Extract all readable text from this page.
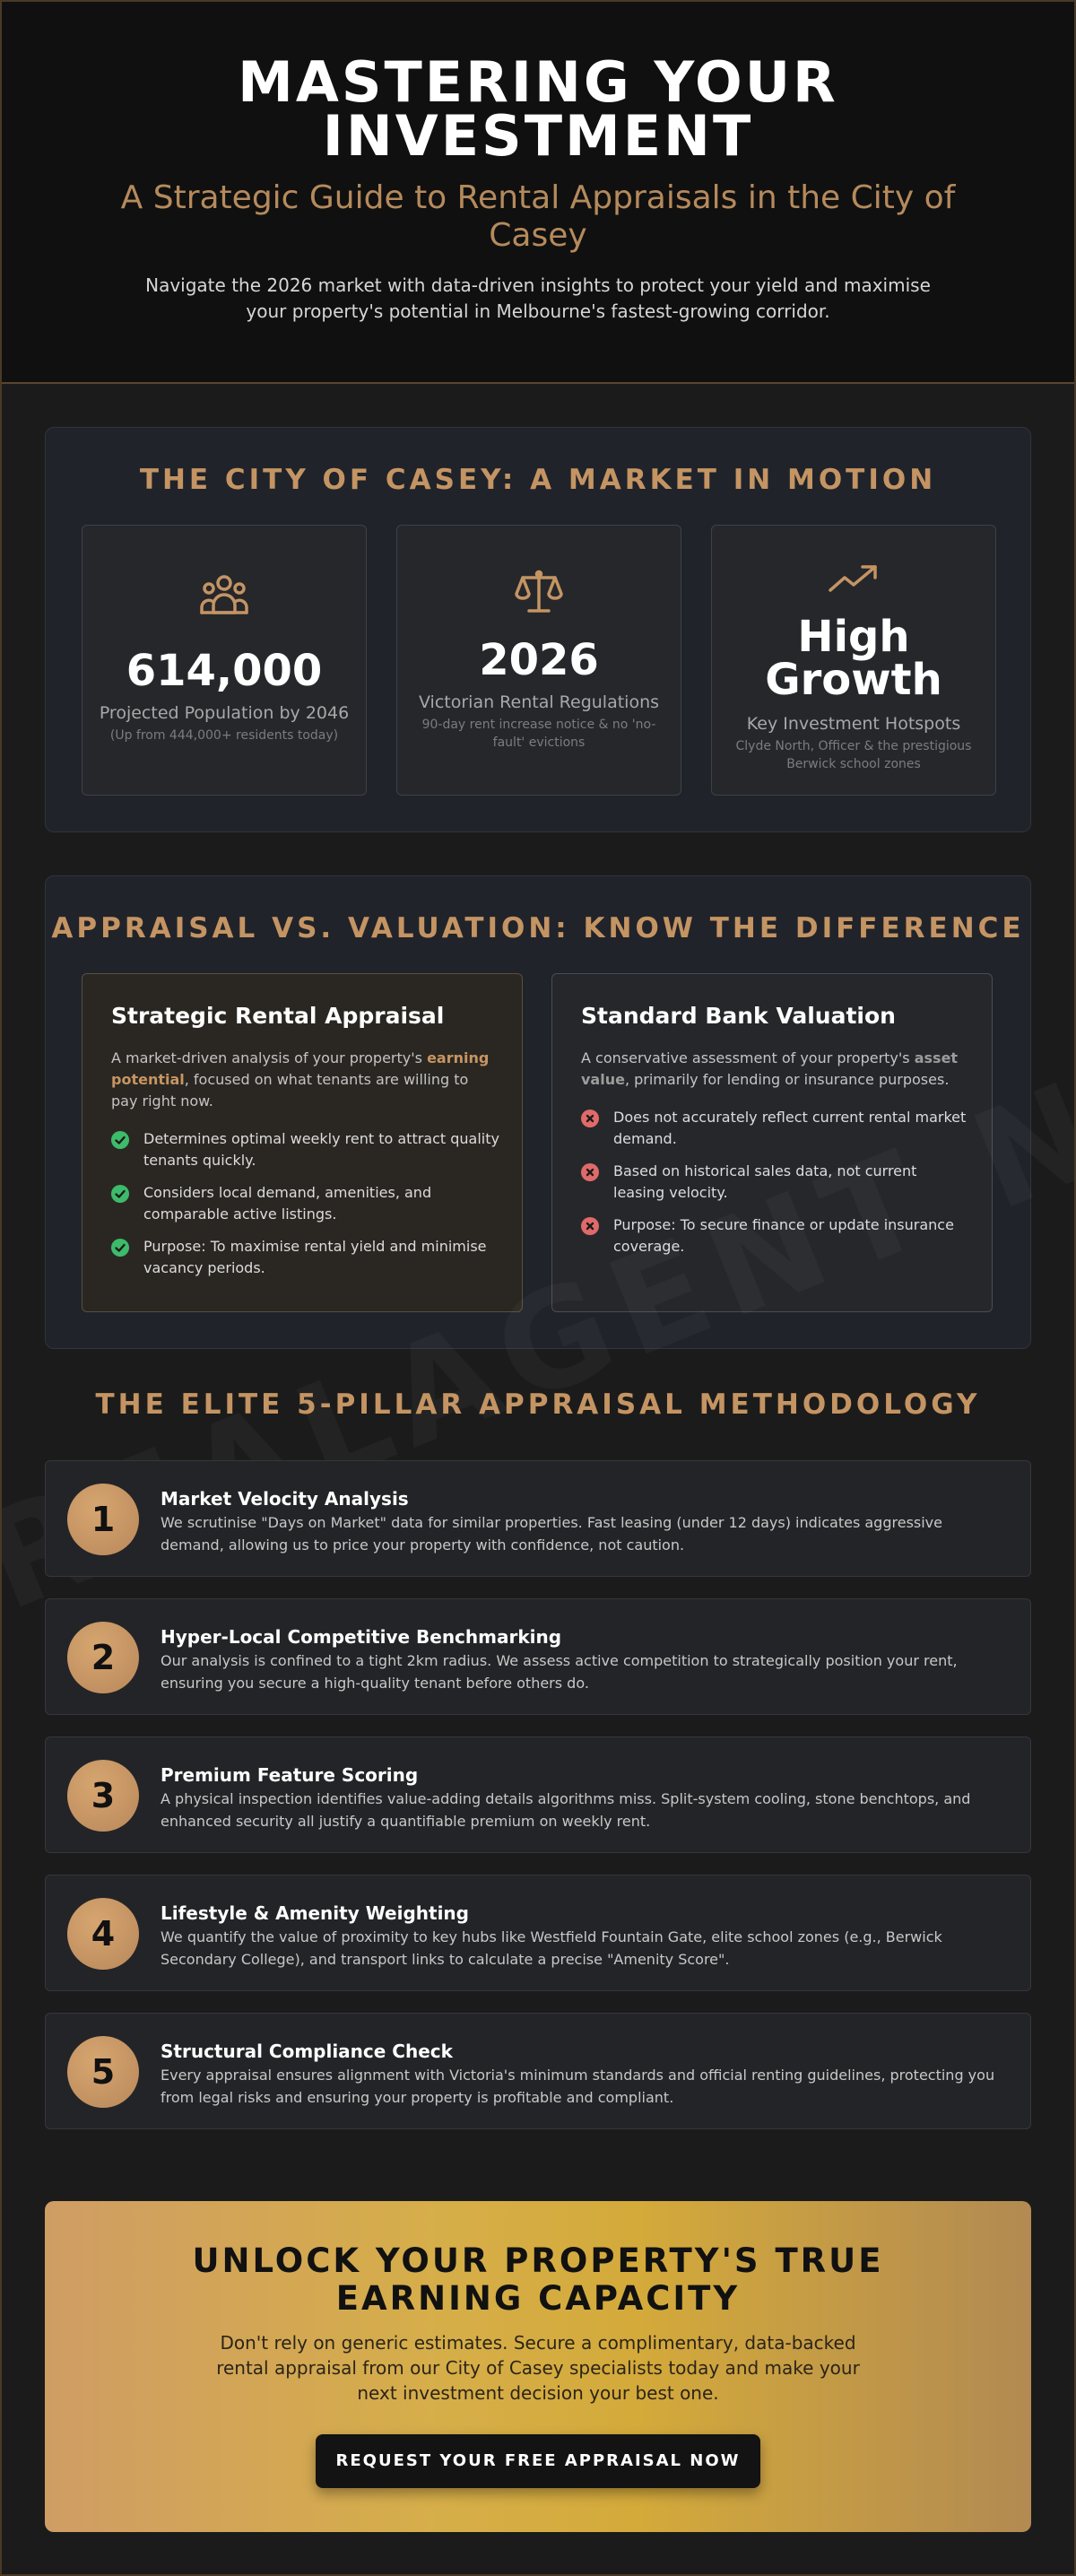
MASTERING YOUR INVESTMENT
A Strategic Guide to Rental Appraisals in the City of Casey

Navigate the 2026 market with data-driven insights to protect your yield and maximise your property's potential in Melbourne's fastest-growing corridor.

THE CITY OF CASEY: A MARKET IN MOTION
614,000
Projected Population by 2046
(Up from 444,000+ residents today)
2026
Victorian Rental Regulations
90-day rent increase notice & no 'no-fault' evictions
High Growth
Key Investment Hotspots
Clyde North, Officer & the prestigious Berwick school zones
APPRAISAL VS. VALUATION: KNOW THE DIFFERENCE
Strategic Rental Appraisal

A market-driven analysis of your property's earning potential, focused on what tenants are willing to pay right now.

Determines optimal weekly rent to attract quality tenants quickly.
Considers local demand, amenities, and comparable active listings.
Purpose: To maximise rental yield and minimise vacancy periods.
Standard Bank Valuation

A conservative assessment of your property's asset value, primarily for lending or insurance purposes.

Does not accurately reflect current rental market demand.
Based on historical sales data, not current leasing velocity.
Purpose: To secure finance or update insurance coverage.
THE ELITE 5-PILLAR APPRAISAL METHODOLOGY
1
Market Velocity Analysis

We scrutinise "Days on Market" data for similar properties. Fast leasing (under 12 days) indicates aggressive demand, allowing us to price your property with confidence, not caution.

2
Hyper-Local Competitive Benchmarking

Our analysis is confined to a tight 2km radius. We assess active competition to strategically position your rent, ensuring you secure a high-quality tenant before others do.

3
Premium Feature Scoring

A physical inspection identifies value-adding details algorithms miss. Split-system cooling, stone benchtops, and enhanced security all justify a quantifiable premium on weekly rent.

4
Lifestyle & Amenity Weighting

We quantify the value of proximity to key hubs like Westfield Fountain Gate, elite school zones (e.g., Berwick Secondary College), and transport links to calculate a precise "Amenity Score".

5
Structural Compliance Check

Every appraisal ensures alignment with Victoria's minimum standards and official renting guidelines, protecting you from legal risks and ensuring your property is profitable and compliant.

UNLOCK YOUR PROPERTY'S TRUE EARNING CAPACITY

Don't rely on generic estimates. Secure a complimentary, data-backed rental appraisal from our City of Casey specialists today and make your next investment decision your best one.

REQUEST YOUR FREE APPRAISAL NOW
